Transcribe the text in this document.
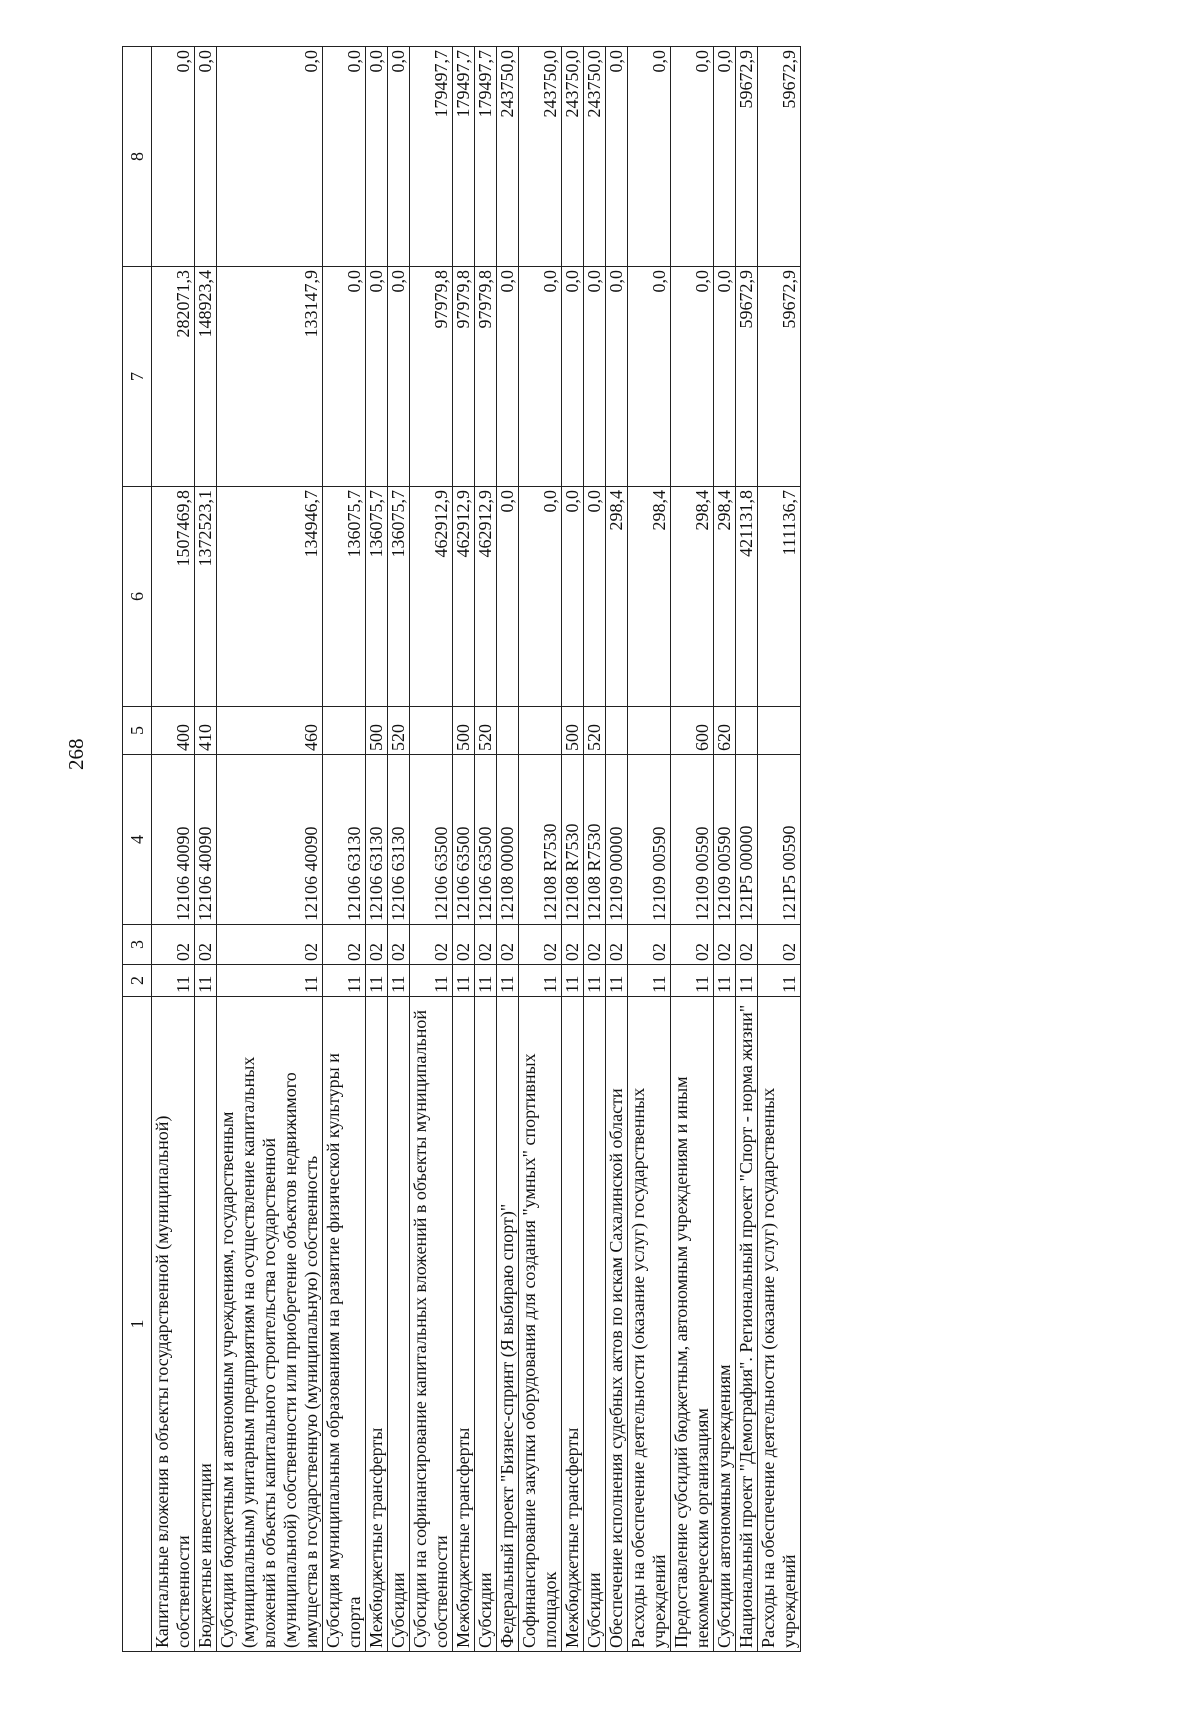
268
1	2	3	4	5	6	7	8
Капитальные вложения в объекты государственной (муниципальной) собственности	11	02	12106 40090	400	1507469,8	282071,3	0,0
Бюджетные инвестиции	11	02	12106 40090	410	1372523,1	148923,4	0,0
Субсидии бюджетным и автономным учреждениям, государственным (муниципальным) унитарным предприятиям на осуществление капитальных вложений в объекты капитального строительства государственной (муниципальной) собственности или приобретение объектов недвижимого имущества в государственную (муниципальную) собственность	11	02	12106 40090	460	134946,7	133147,9	0,0
Субсидия муниципальным образованиям на развитие физической культуры и спорта	11	02	12106 63130		136075,7	0,0	0,0
Межбюджетные трансферты	11	02	12106 63130	500	136075,7	0,0	0,0
Субсидии	11	02	12106 63130	520	136075,7	0,0	0,0
Субсидии на софинансирование капитальных вложений в объекты муниципальной собственности	11	02	12106 63500		462912,9	97979,8	179497,7
Межбюджетные трансферты	11	02	12106 63500	500	462912,9	97979,8	179497,7
Субсидии	11	02	12106 63500	520	462912,9	97979,8	179497,7
Федеральный проект "Бизнес-спринт (Я выбираю спорт)"	11	02	12108 00000		0,0	0,0	243750,0
Софинансирование закупки оборудования для создания "умных" спортивных площадок	11	02	12108 R7530		0,0	0,0	243750,0
Межбюджетные трансферты	11	02	12108 R7530	500	0,0	0,0	243750,0
Субсидии	11	02	12108 R7530	520	0,0	0,0	243750,0
Обеспечение исполнения судебных актов по искам Сахалинской области	11	02	12109 00000		298,4	0,0	0,0
Расходы на обеспечение деятельности (оказание услуг) государственных учреждений	11	02	12109 00590		298,4	0,0	0,0
Предоставление субсидий бюджетным, автономным учреждениям и иным некоммерческим организациям	11	02	12109 00590	600	298,4	0,0	0,0
Субсидии автономным учреждениям	11	02	12109 00590	620	298,4	0,0	0,0
Национальный проект "Демография". Региональный проект "Спорт - норма жизни"	11	02	121P5 00000		421131,8	59672,9	59672,9
Расходы на обеспечение деятельности (оказание услуг) государственных учреждений	11	02	121P5 00590		111136,7	59672,9	59672,9
